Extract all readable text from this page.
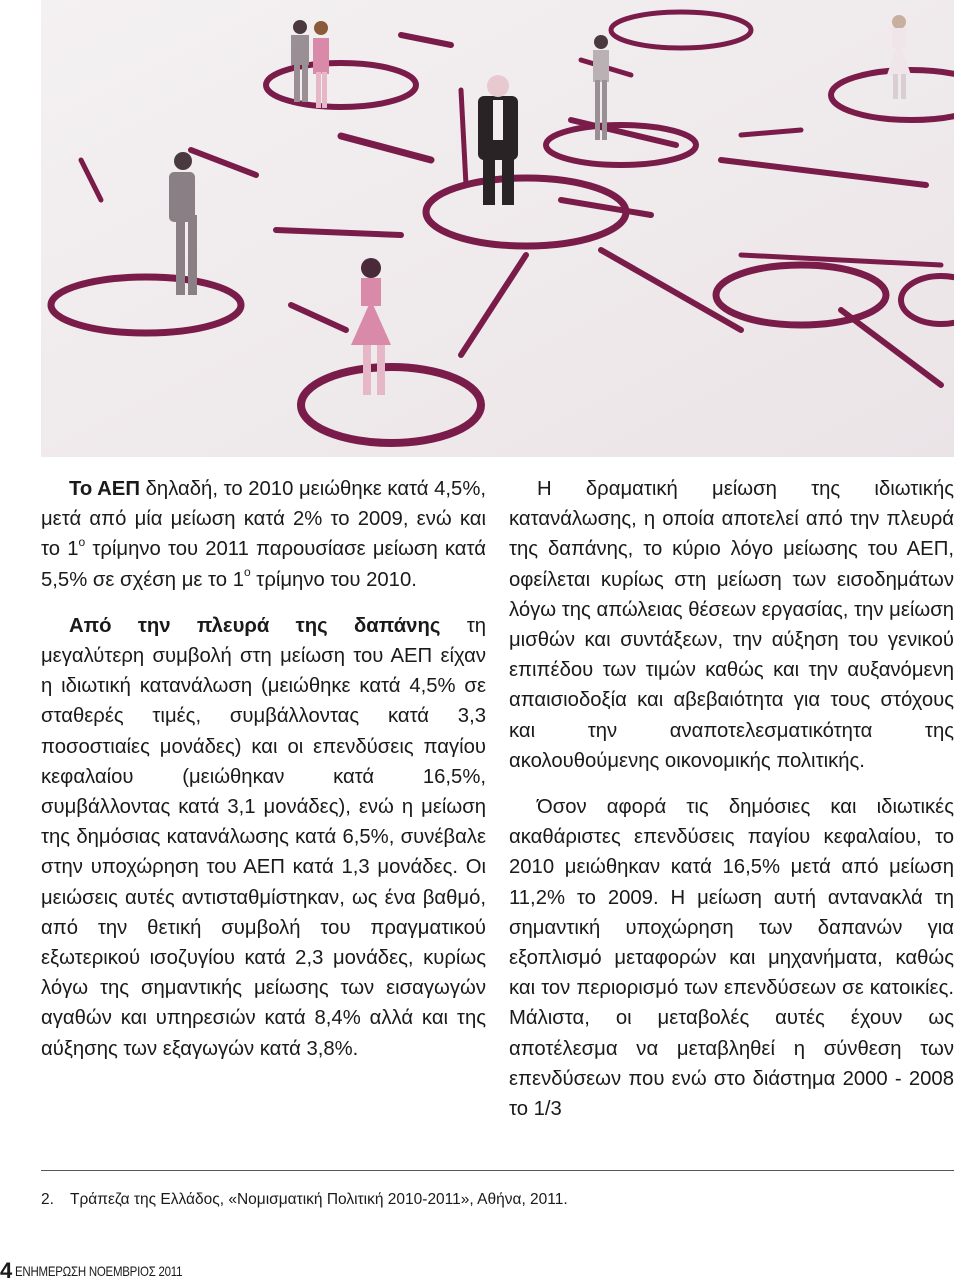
Το ΑΕΠ δηλαδή, το 2010 μειώθηκε κατά 4,5%, μετά από μία μείωση κατά 2% το 2009, ενώ και το $1^o$ τρίμηνο του 2011 παρουσίασε μείωση κατά 5,5% σε σχέση με το $1^o$ τρίμηνο του 2010.

Από την πλευρά της δαπάνης τη μεγαλύτερη συμβολή στη μείωση του ΑΕΠ είχαν η ιδιωτική κατανάλωση (μειώθηκε κατά 4,5% σε σταθερές τιμές, συμβάλλοντας κατά 3,3 ποσοστιαίες μονάδες) και οι επενδύσεις παγίου κεφαλαίου (μειώθηκαν κατά 16,5%, συμβάλλοντας κατά 3,1 μονάδες), ενώ η μείωση της δημόσιας κατανάλωσης κατά 6,5%, συνέβαλε στην υποχώρηση του ΑΕΠ κατά 1,3 μονάδες. Οι μειώσεις αυτές αντισταθμίστηκαν, ως ένα βαθμό, από την θετική συμβολή του πραγματικού εξωτερικού ισοζυγίου κατά 2,3 μονάδες, κυρίως λόγω της σημαντικής μείωσης των εισαγωγών αγαθών και υπηρεσιών κατά 8,4% αλλά και της αύξησης των εξαγωγών κατά 3,8%.

Η δραματική μείωση της ιδιωτικής κατανάλωσης, η οποία αποτελεί από την πλευρά της δαπάνης, το κύριο λόγο μείωσης του ΑΕΠ, οφείλεται κυρίως στη μείωση των εισοδημάτων λόγω της απώλειας θέσεων εργασίας, την μείωση μισθών και συντάξεων, την αύξηση του γενικού επιπέδου των τιμών καθώς και την αυξανόμενη απαισιοδοξία και αβεβαιότητα για τους στόχους και την αναποτελεσματικότητα της ακολουθούμενης οικονομικής πολιτικής.

Όσον αφορά τις δημόσιες και ιδιωτικές ακαθάριστες επενδύσεις παγίου κεφαλαίου, το 2010 μειώθηκαν κατά 16,5% μετά από μείωση 11,2% το 2009. Η μείωση αυτή αντανακλά τη σημαντική υποχώρηση των δαπανών για εξοπλισμό μεταφορών και μηχανήματα, καθώς και τον περιορισμό των επενδύσεων σε κατοικίες. Μάλιστα, οι μεταβολές αυτές έχουν ως αποτέλεσμα να μεταβληθεί η σύνθεση των επενδύσεων που ενώ στο διάστημα 2000 - 2008 το 1/3

2. Τράπεζα της Ελλάδος, «Νομισματική Πολιτική 2010-2011», Αθήνα, 2011.
4 ΕΝΗΜΕΡΩΣΗ ΝΟΕΜΒΡΙΟΣ 2011
